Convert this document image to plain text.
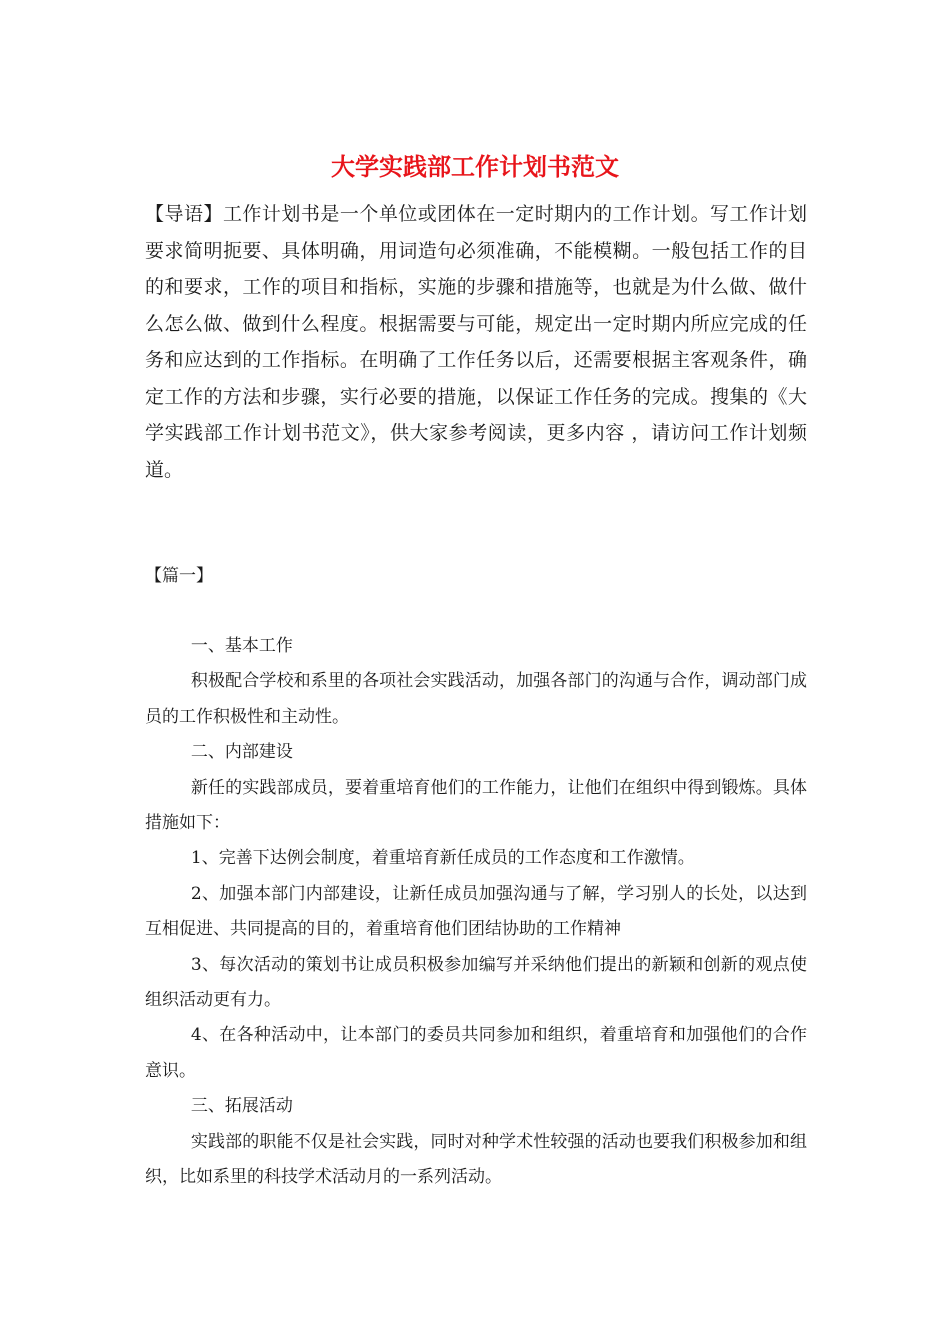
大学实践部工作计划书范文

【导语】工作计划书是一个单位或团体在一定时期内的工作计划。写工作计划要求简明扼要、具体明确，用词造句必须准确，不能模糊。一般包括工作的目的和要求，工作的项目和指标，实施的步骤和措施等，也就是为什么做、做什么怎么做、做到什么程度。根据需要与可能，规定出一定时期内所应完成的任务和应达到的工作指标。在明确了工作任务以后，还需要根据主客观条件，确定工作的方法和步骤，实行必要的措施，以保证工作任务的完成。搜集的《大学实践部工作计划书范文》，供大家参考阅读，更多内容 ，请访问工作计划频道。

【篇一】

一、基本工作

积极配合学校和系里的各项社会实践活动，加强各部门的沟通与合作，调动部门成员的工作积极性和主动性。

二、内部建设

新任的实践部成员，要着重培育他们的工作能力，让他们在组织中得到锻炼。具体措施如下：

1、完善下达例会制度，着重培育新任成员的工作态度和工作激情。

2、加强本部门内部建设，让新任成员加强沟通与了解，学习别人的长处，以达到互相促进、共同提高的目的，着重培育他们团结协助的工作精神

3、每次活动的策划书让成员积极参加编写并采纳他们提出的新颖和创新的观点使组织活动更有力。

4、在各种活动中，让本部门的委员共同参加和组织，着重培育和加强他们的合作意识。

三、拓展活动

实践部的职能不仅是社会实践，同时对种学术性较强的活动也要我们积极参加和组织，比如系里的科技学术活动月的一系列活动。
